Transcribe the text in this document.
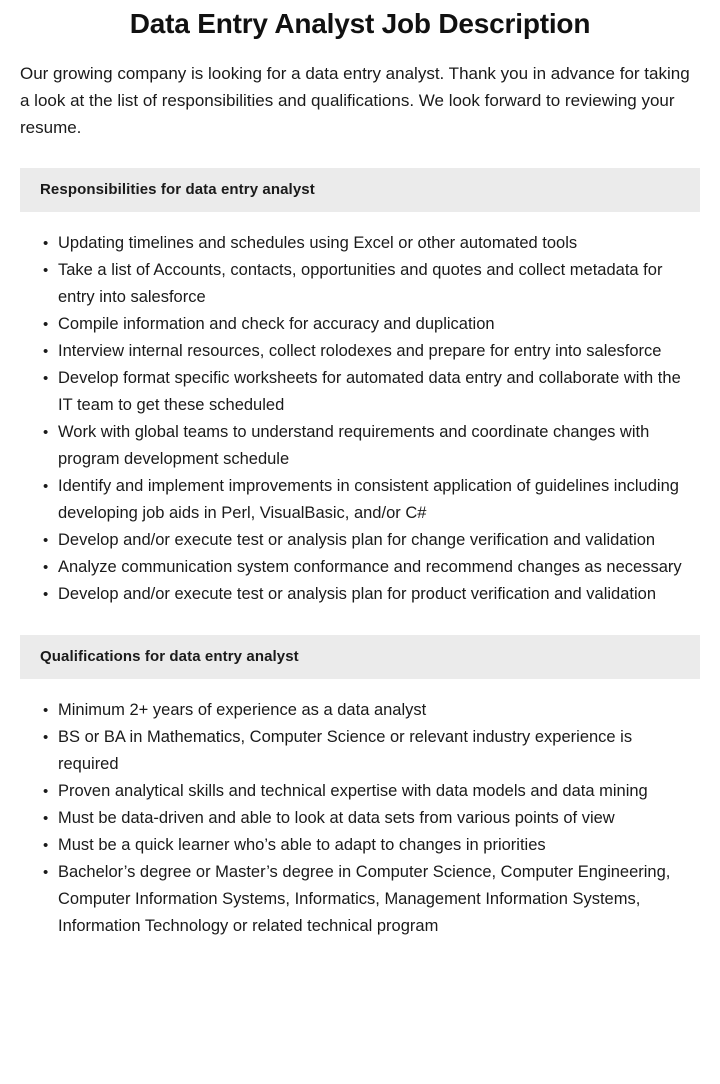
Data Entry Analyst Job Description

Our growing company is looking for a data entry analyst. Thank you in advance for taking a look at the list of responsibilities and qualifications. We look forward to reviewing your resume.

Responsibilities for data entry analyst
• Updating timelines and schedules using Excel or other automated tools
• Take a list of Accounts, contacts, opportunities and quotes and collect metadata for entry into salesforce
• Compile information and check for accuracy and duplication
• Interview internal resources, collect rolodexes and prepare for entry into salesforce
• Develop format specific worksheets for automated data entry and collaborate with the IT team to get these scheduled
• Work with global teams to understand requirements and coordinate changes with program development schedule
• Identify and implement improvements in consistent application of guidelines including developing job aids in Perl, VisualBasic, and/or C#
• Develop and/or execute test or analysis plan for change verification and validation
• Analyze communication system conformance and recommend changes as necessary
• Develop and/or execute test or analysis plan for product verification and validation
Qualifications for data entry analyst
• Minimum 2+ years of experience as a data analyst
• BS or BA in Mathematics, Computer Science or relevant industry experience is required
• Proven analytical skills and technical expertise with data models and data mining
• Must be data-driven and able to look at data sets from various points of view
• Must be a quick learner who’s able to adapt to changes in priorities
• Bachelor’s degree or Master’s degree in Computer Science, Computer Engineering, Computer Information Systems, Informatics, Management Information Systems, Information Technology or related technical program
